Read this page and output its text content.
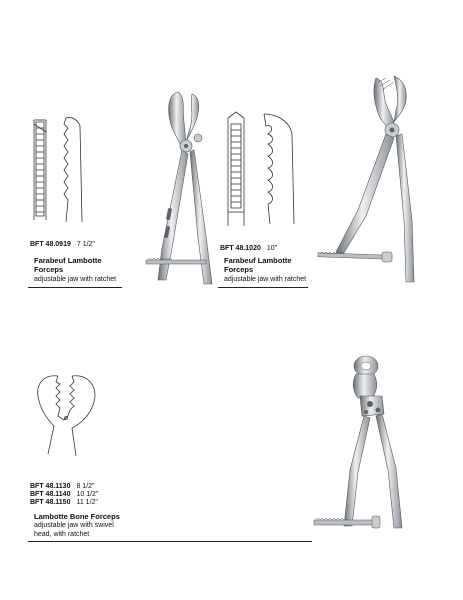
BFT 48.0919 7 1/2"
Farabeuf Lambotte
Forceps
adjustable jaw with ratchet
BFT 48.1020 10"
Farabeuf Lambotte
Forceps
adjustable jaw with ratchet
BFT 48.1130 8 1/2"
BFT 48.1140 10 1/2"
BFT 48.1150 11 1/2"
Lambotte Bone Forceps
adjustable jaw with swivel
head, with ratchet
